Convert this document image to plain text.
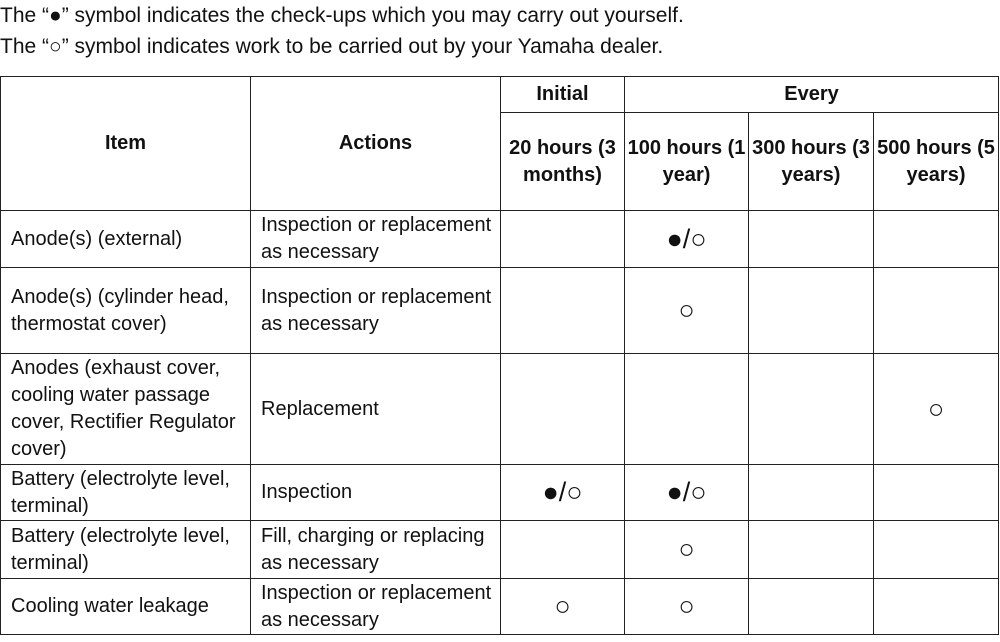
The “●” symbol indicates the check-ups which you may carry out yourself.
The “○” symbol indicates work to be carried out by your Yamaha dealer.
Item	Actions	Initial	Every		
		20 hours (3 months)	100 hours (1 year)	300 hours (3 years)	500 hours (5 years)
Anode(s) (external)	Inspection or replacement as necessary		●/○		
Anode(s) (cylinder head, thermostat cover)	Inspection or replacement as necessary		○		
Anodes (exhaust cover, cooling water passage cover, Rectifier Regulator cover)	Replacement				○
Battery (electrolyte level, terminal)	Inspection	●/○	●/○		
Battery (electrolyte level, terminal)	Fill, charging or replacing as necessary		○		
Cooling water leakage	Inspection or replacement as necessary	○	○		
